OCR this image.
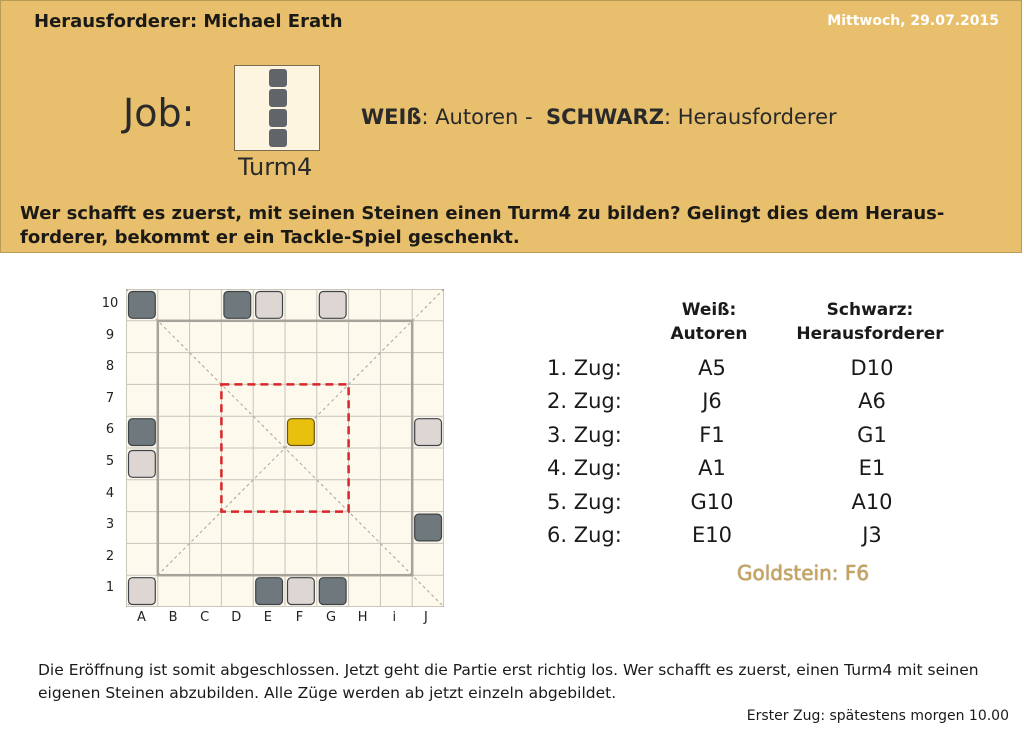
Herausforderer: Michael Erath	Mittwoch, 29.07.2015
Job:
Turm4
WEIß: Autoren -  SCHWARZ: Herausforderer
Wer schafft es zuerst, mit seinen Steinen einen Turm4 zu bilden? Gelingt dies dem Heraus-forderer, bekommt er ein Tackle-Spiel geschenkt.
10
9
8
7
6
5
4
3
2
1
A	B	C	D	E	F	G	H	i	J
Weiß:
Autoren
Schwarz:
Herausforderer
1. Zug:	A5	D10
2. Zug:	J6	A6
3. Zug:	F1	G1
4. Zug:	A1	E1
5. Zug:	G10	A10
6. Zug:	E10	J3
Goldstein: F6
Die Eröffnung ist somit abgeschlossen. Jetzt geht die Partie erst richtig los. Wer schafft es zuerst, einen Turm4 mit seinen eigenen Steinen abzubilden. Alle Züge werden ab jetzt einzeln abgebildet.
Erster Zug: spätestens morgen 10.00
